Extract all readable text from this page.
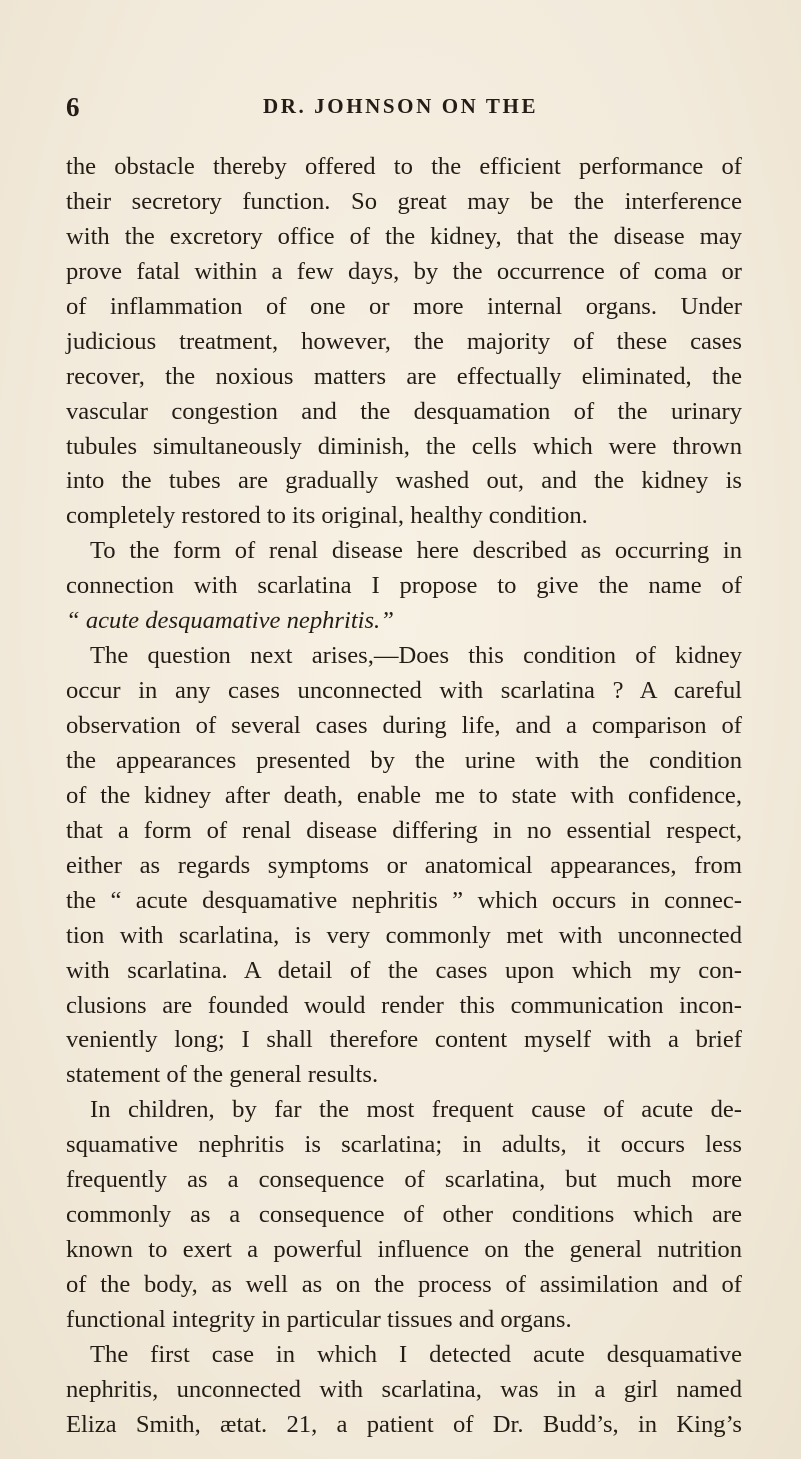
6	DR. JOHNSON ON THE
the obstacle thereby offered to the efficient performance of
their secretory function. So great may be the interference
with the excretory office of the kidney, that the disease may
prove fatal within a few days, by the occurrence of coma or
of inflammation of one or more internal organs. Under
judicious treatment, however, the majority of these cases
recover, the noxious matters are effectually eliminated, the
vascular congestion and the desquamation of the urinary
tubules simultaneously diminish, the cells which were thrown
into the tubes are gradually washed out, and the kidney is
completely restored to its original, healthy condition.
To the form of renal disease here described as occurring in
connection with scarlatina I propose to give the name of
“ acute desquamative nephritis.”
The question next arises,—Does this condition of kidney
occur in any cases unconnected with scarlatina ? A careful
observation of several cases during life, and a comparison of
the appearances presented by the urine with the condition
of the kidney after death, enable me to state with confidence,
that a form of renal disease differing in no essential respect,
either as regards symptoms or anatomical appearances, from
the “ acute desquamative nephritis ” which occurs in connec-
tion with scarlatina, is very commonly met with unconnected
with scarlatina. A detail of the cases upon which my con-
clusions are founded would render this communication incon-
veniently long; I shall therefore content myself with a brief
statement of the general results.
In children, by far the most frequent cause of acute de-
squamative nephritis is scarlatina; in adults, it occurs less
frequently as a consequence of scarlatina, but much more
commonly as a consequence of other conditions which are
known to exert a powerful influence on the general nutrition
of the body, as well as on the process of assimilation and of
functional integrity in particular tissues and organs.
The first case in which I detected acute desquamative
nephritis, unconnected with scarlatina, was in a girl named
Eliza Smith, ætat. 21, a patient of Dr. Budd’s, in King’s
